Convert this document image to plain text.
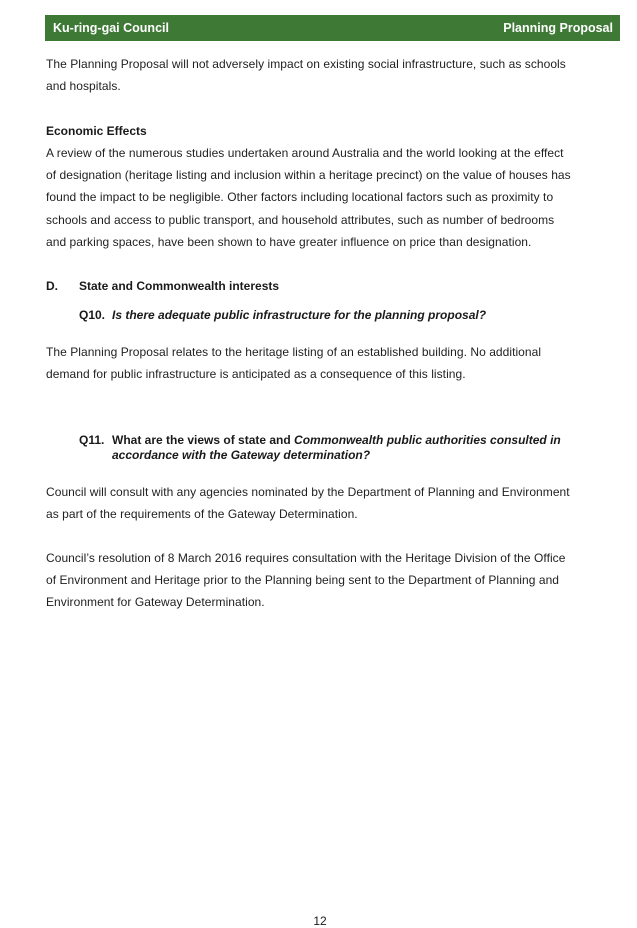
Ku-ring-gai Council	Planning Proposal
The Planning Proposal will not adversely impact on existing social infrastructure, such as schools
and hospitals.
Economic Effects
A review of the numerous studies undertaken around Australia and the world looking at the effect
of designation (heritage listing and inclusion within a heritage precinct) on the value of houses has
found the impact to be negligible. Other factors including locational factors such as proximity to
schools and access to public transport, and household attributes, such as number of bedrooms
and parking spaces, have been shown to have greater influence on price than designation.
D. State and Commonwealth interests
Q10. Is there adequate public infrastructure for the planning proposal?
The Planning Proposal relates to the heritage listing of an established building. No additional
demand for public infrastructure is anticipated as a consequence of this listing.
Q11. What are the views of state and Commonwealth public authorities consulted in
accordance with the Gateway determination?
Council will consult with any agencies nominated by the Department of Planning and Environment
as part of the requirements of the Gateway Determination.
Council’s resolution of 8 March 2016 requires consultation with the Heritage Division of the Office
of Environment and Heritage prior to the Planning being sent to the Department of Planning and
Environment for Gateway Determination.
12
